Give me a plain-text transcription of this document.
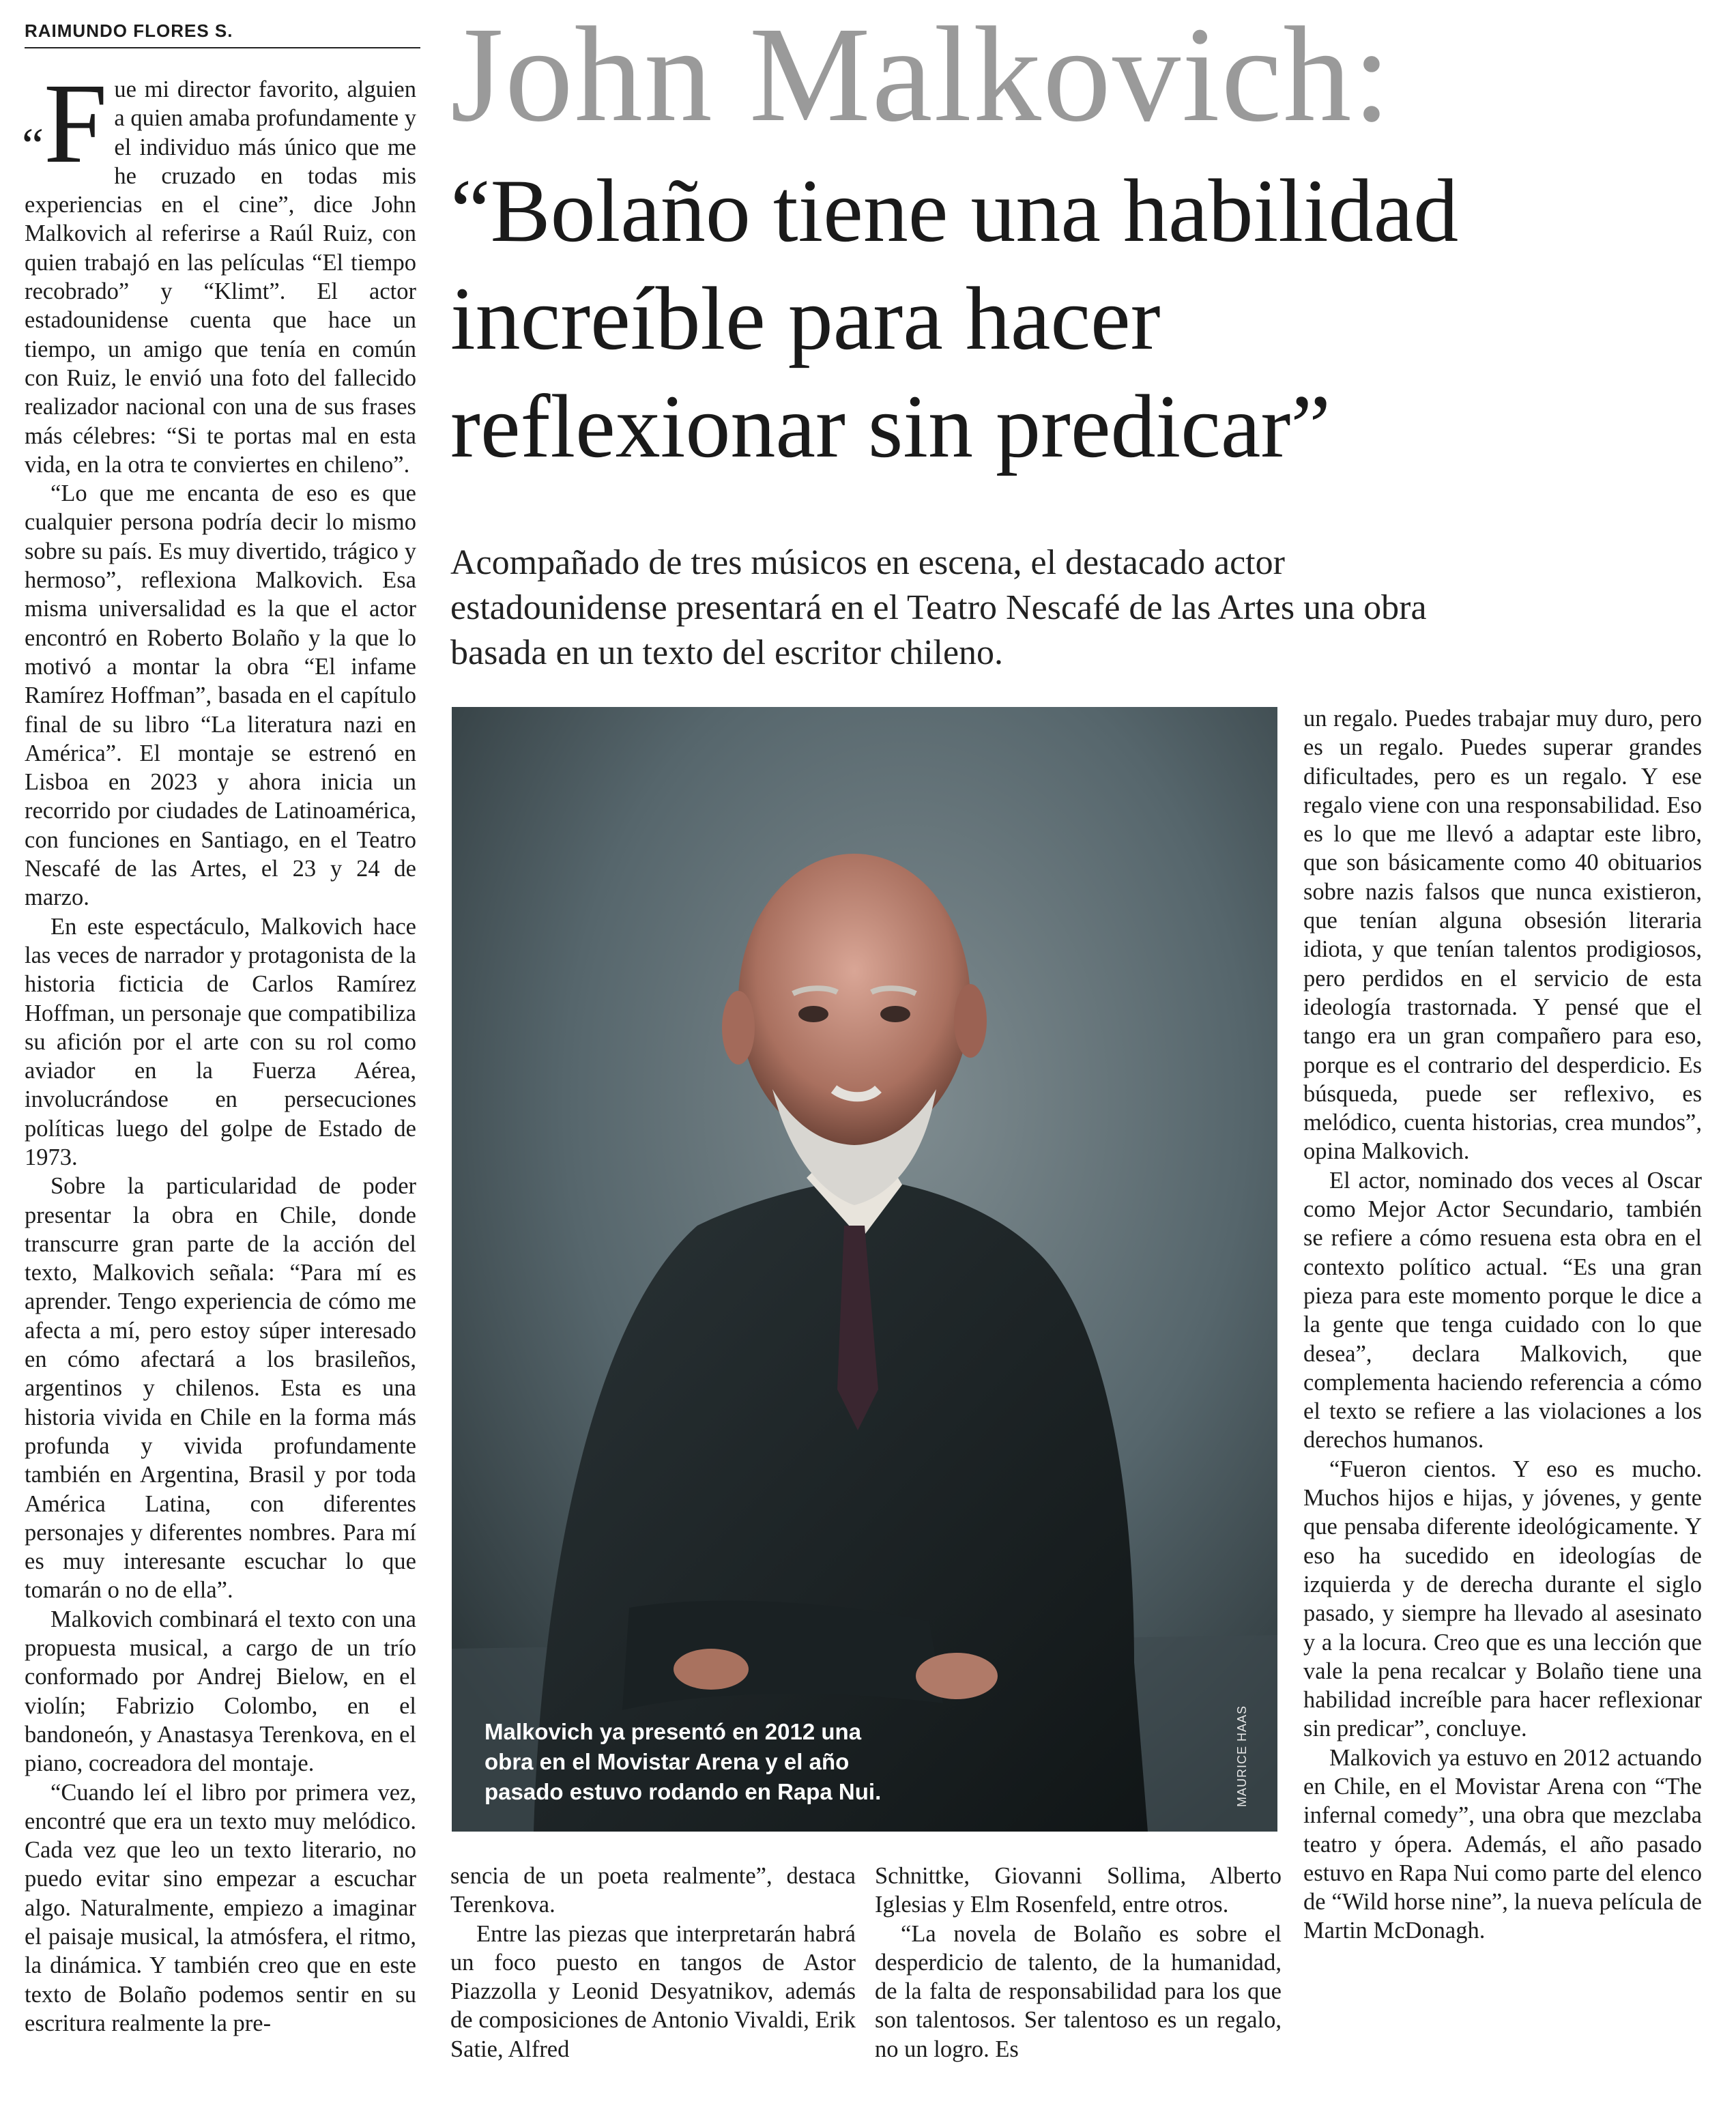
RAIMUNDO FLORES S.	John Malkovich:
“Bolaño tiene una habilidad
increíble para hacer
reflexionar sin predicar”
Acompañado de tres músicos en escena, el destacado actor
estadounidense presentará en el Teatro Nescafé de las Artes una obra
basada en un texto del escritor chileno.

“F ue mi director favorito, alguien a quien amaba profundamente y el individuo más único que me he cruzado en todas mis experiencias en el cine”, dice John Malkovich al referirse a Raúl Ruiz, con quien trabajó en las películas “El tiempo recobrado” y “Klimt”. El actor estadounidense cuenta que hace un tiempo, un amigo que tenía en común con Ruiz, le envió una foto del fallecido realizador nacional con una de sus frases más célebres: “Si te portas mal en esta vida, en la otra te conviertes en chileno”.

“Lo que me encanta de eso es que cualquier persona podría decir lo mismo sobre su país. Es muy divertido, trágico y hermoso”, reflexiona Malkovich. Esa misma universalidad es la que el actor encontró en Roberto Bolaño y la que lo motivó a montar la obra “El infame Ramírez Hoffman”, basada en el capítulo final de su libro “La literatura nazi en América”. El montaje se estrenó en Lisboa en 2023 y ahora inicia un recorrido por ciudades de Latinoamérica, con funciones en Santiago, en el Teatro Nescafé de las Artes, el 23 y 24 de marzo.

En este espectáculo, Malkovich hace las veces de narrador y protagonista de la historia ficticia de Carlos Ramírez Hoffman, un personaje que compatibiliza su afición por el arte con su rol como aviador en la Fuerza Aérea, involucrándose en persecuciones políticas luego del golpe de Estado de 1973.

Sobre la particularidad de poder presentar la obra en Chile, donde transcurre gran parte de la acción del texto, Malkovich señala: “Para mí es aprender. Tengo experiencia de cómo me afecta a mí, pero estoy súper interesado en cómo afectará a los brasileños, argentinos y chilenos. Esta es una historia vivida en Chile en la forma más profunda y vivida profundamente también en Argentina, Brasil y por toda América Latina, con diferentes personajes y diferentes nombres. Para mí es muy interesante escuchar lo que tomarán o no de ella”.

Malkovich combinará el texto con una propuesta musical, a cargo de un trío conformado por Andrej Bielow, en el violín; Fabrizio Colombo, en el bandoneón, y Anastasya Terenkova, en el piano, cocreadora del montaje.

“Cuando leí el libro por primera vez, encontré que era un texto muy melódico. Cada vez que leo un texto literario, no puedo evitar sino empezar a escuchar algo. Naturalmente, empiezo a imaginar el paisaje musical, la atmósfera, el ritmo, la dinámica. Y también creo que en este texto de Bolaño podemos sentir en su escritura realmente la pre-

Malkovich ya presentó en 2012 una
obra en el Movistar Arena y el año
pasado estuvo rodando en Rapa Nui.	MAURICE HAAS

sencia de un poeta realmente”, destaca Terenkova.

Entre las piezas que interpretarán habrá un foco puesto en tangos de Astor Piazzolla y Leonid Desyatnikov, además de composiciones de Antonio Vivaldi, Erik Satie, Alfred

Schnittke, Giovanni Sollima, Alberto Iglesias y Elm Rosenfeld, entre otros.

“La novela de Bolaño es sobre el desperdicio de talento, de la humanidad, de la falta de responsabilidad para los que son talentosos. Ser talentoso es un regalo, no un logro. Es

un regalo. Puedes trabajar muy duro, pero es un regalo. Puedes superar grandes dificultades, pero es un regalo. Y ese regalo viene con una responsabilidad. Eso es lo que me llevó a adaptar este libro, que son básicamente como 40 obituarios sobre nazis falsos que nunca existieron, que tenían alguna obsesión literaria idiota, y que tenían talentos prodigiosos, pero perdidos en el servicio de esta ideología trastornada. Y pensé que el tango era un gran compañero para eso, porque es el contrario del desperdicio. Es búsqueda, puede ser reflexivo, es melódico, cuenta historias, crea mundos”, opina Malkovich.

El actor, nominado dos veces al Oscar como Mejor Actor Secundario, también se refiere a cómo resuena esta obra en el contexto político actual. “Es una gran pieza para este momento porque le dice a la gente que tenga cuidado con lo que desea”, declara Malkovich, que complementa haciendo referencia a cómo el texto se refiere a las violaciones a los derechos humanos.

“Fueron cientos. Y eso es mucho. Muchos hijos e hijas, y jóvenes, y gente que pensaba diferente ideológicamente. Y eso ha sucedido en ideologías de izquierda y de derecha durante el siglo pasado, y siempre ha llevado al asesinato y a la locura. Creo que es una lección que vale la pena recalcar y Bolaño tiene una habilidad increíble para hacer reflexionar sin predicar”, concluye.

Malkovich ya estuvo en 2012 actuando en Chile, en el Movistar Arena con “The infernal comedy”, una obra que mezclaba teatro y ópera. Además, el año pasado estuvo en Rapa Nui como parte del elenco de “Wild horse nine”, la nueva película de Martin McDonagh.
